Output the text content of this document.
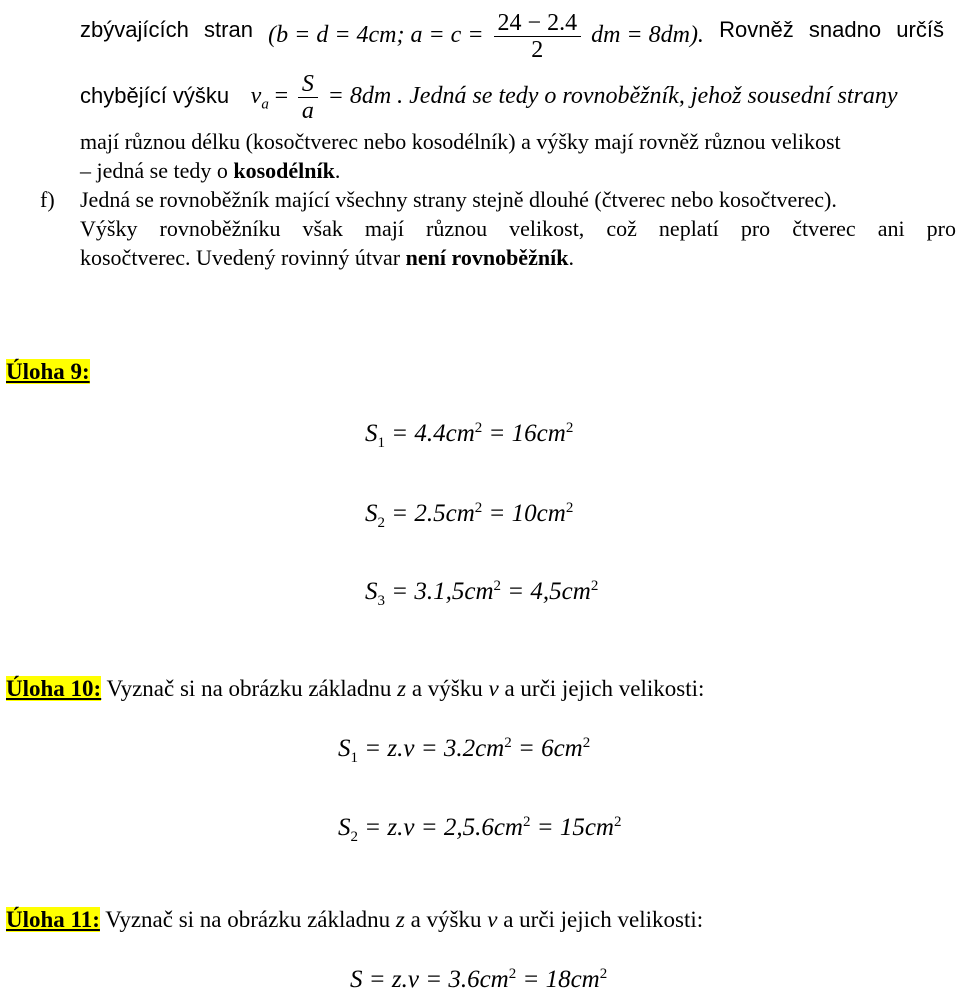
zbývajících stran (b = d = 4cm; $a = c = \frac{24 - 2.4}{2}$ dm = 8dm). Rovněž snadno určíš
chybějící výšku $v_a = \frac{S}{a} = 8dm$ . Jedná se tedy o rovnoběžník, jehož sousední strany
mají různou délku (kosočtverec nebo kosodélník) a výšky mají rovněž různou velikost
– jedná se tedy o kosodélník.
f) Jedná se rovnoběžník mající všechny strany stejně dlouhé (čtverec nebo kosočtverec).
Výšky rovnoběžníku však mají různou velikost, což neplatí pro čtverec ani pro
kosočtverec. Uvedený rovinný útvar není rovnoběžník.
Úloha 9:
$S_1 = 4.4cm^2 = 16cm^2$
$S_2 = 2.5cm^2 = 10cm^2$
$S_3 = 3.1,5cm^2 = 4,5cm^2$
Úloha 10: Vyznač si na obrázku základnu z a výšku v a urči jejich velikosti:
$S_1 = z.v = 3.2cm^2 = 6cm^2$
$S_2 = z.v = 2,5.6cm^2 = 15cm^2$
Úloha 11: Vyznač si na obrázku základnu z a výšku v a urči jejich velikosti:
$S = z.v = 3.6cm^2 = 18cm^2$
